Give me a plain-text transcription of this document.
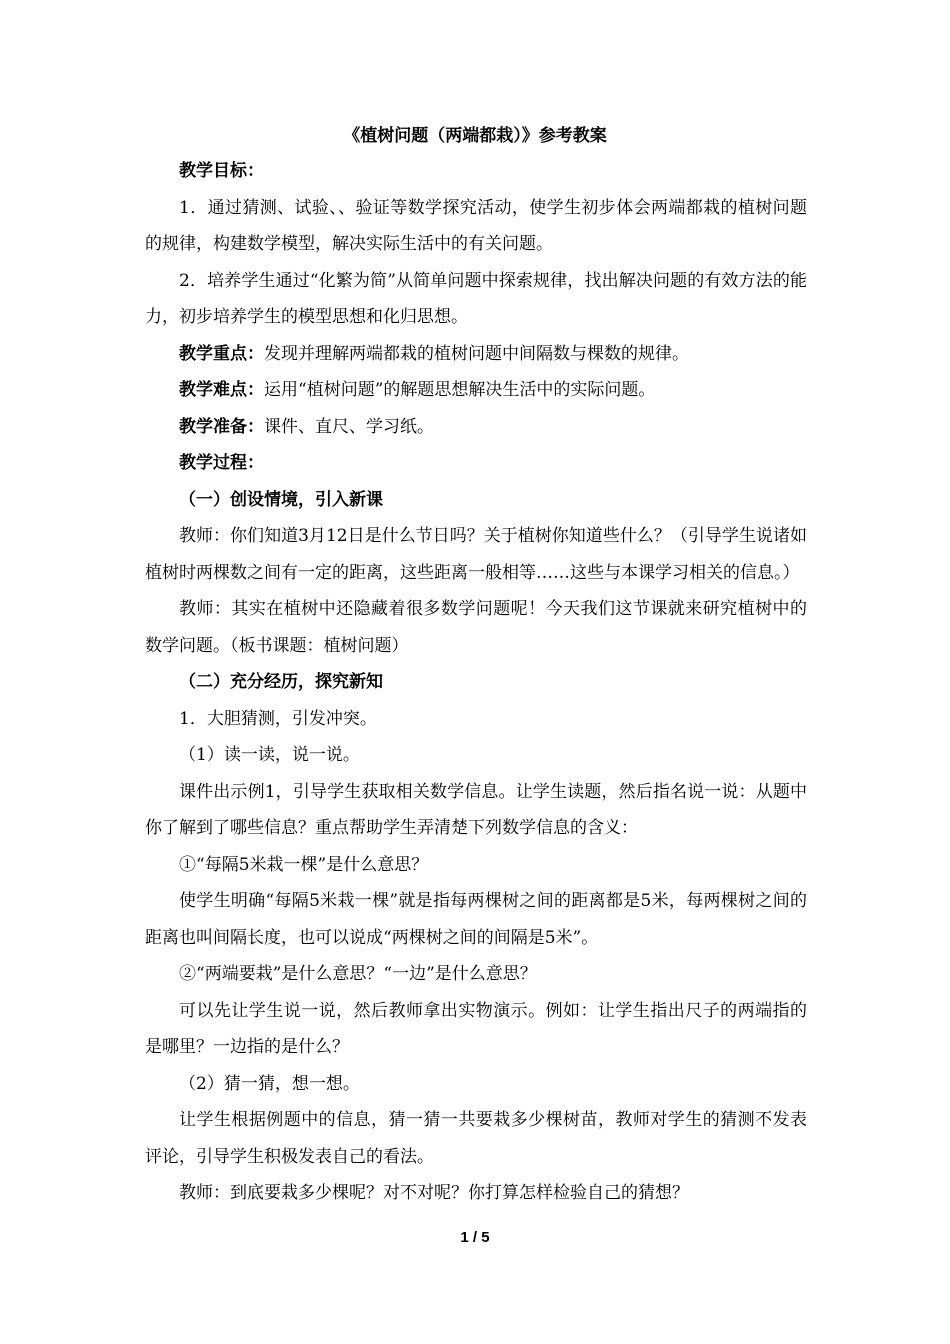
《植树问题（两端都栽）》参考教案

教学目标：

1．通过猜测、试验、、验证等数学探究活动，使学生初步体会两端都栽的植树问题的规律，构建数学模型，解决实际生活中的有关问题。

2．培养学生通过“化繁为简”从简单问题中探索规律，找出解决问题的有效方法的能力，初步培养学生的模型思想和化归思想。

教学重点：发现并理解两端都栽的植树问题中间隔数与棵数的规律。

教学难点：运用“植树问题”的解题思想解决生活中的实际问题。

教学准备：课件、直尺、学习纸。

教学过程：

（一）创设情境，引入新课

教师：你们知道3月12日是什么节日吗？关于植树你知道些什么？（引导学生说诸如植树时两棵数之间有一定的距离，这些距离一般相等……这些与本课学习相关的信息。）

教师：其实在植树中还隐藏着很多数学问题呢！今天我们这节课就来研究植树中的数学问题。（板书课题：植树问题）

（二）充分经历，探究新知

1．大胆猜测，引发冲突。

（1）读一读，说一说。

课件出示例1，引导学生获取相关数学信息。让学生读题，然后指名说一说：从题中你了解到了哪些信息？重点帮助学生弄清楚下列数学信息的含义：

①“每隔5米栽一棵”是什么意思？

使学生明确“每隔5米栽一棵”就是指每两棵树之间的距离都是5米，每两棵树之间的距离也叫间隔长度，也可以说成“两棵树之间的间隔是5米”。

②“两端要栽”是什么意思？“一边”是什么意思？

可以先让学生说一说，然后教师拿出实物演示。例如：让学生指出尺子的两端指的是哪里？一边指的是什么？

（2）猜一猜，想一想。

让学生根据例题中的信息，猜一猜一共要栽多少棵树苗，教师对学生的猜测不发表评论，引导学生积极发表自己的看法。

教师：到底要栽多少棵呢？对不对呢？你打算怎样检验自己的猜想？

1 / 5
